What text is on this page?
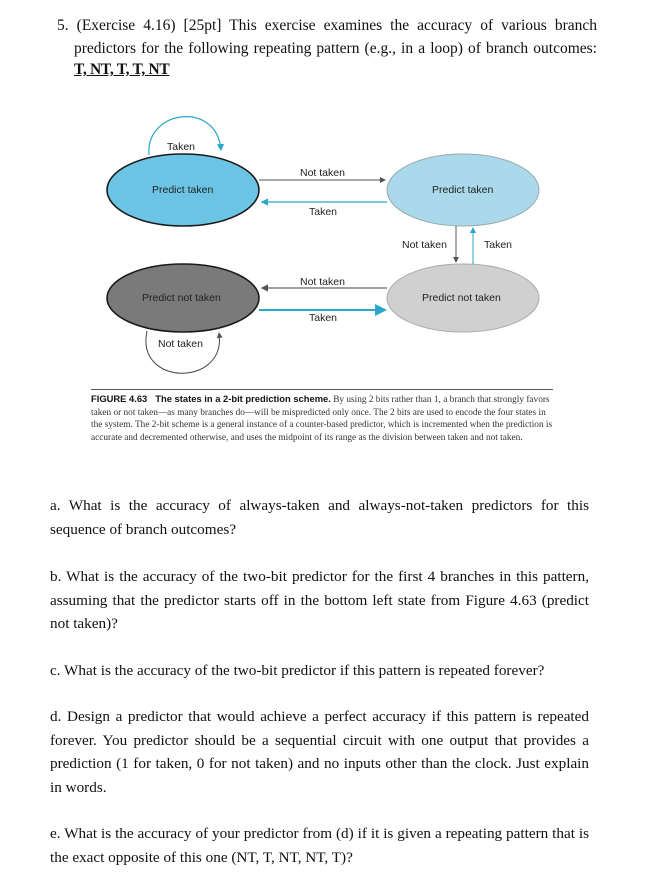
5. (Exercise 4.16) [25pt] This exercise examines the accuracy of various branch
predictors for the following repeating pattern (e.g., in a loop) of branch outcomes:
T, NT, T, T, NT
Taken
Predict taken	Predict taken
Predict not taken	Predict not taken
Not taken
Taken
Not taken	Taken
Not taken
Taken
Not taken
FIGURE 4.63 The states in a 2-bit prediction scheme. By using 2 bits rather than 1, a branch that strongly favors taken or not taken—as many branches do—will be mispredicted only once. The 2 bits are used to encode the four states in the system. The 2-bit scheme is a general instance of a counter-based predictor, which is incremented when the prediction is accurate and decremented otherwise, and uses the midpoint of its range as the division between taken and not taken.
a. What is the accuracy of always-taken and always-not-taken predictors for this sequence of branch outcomes?
b. What is the accuracy of the two-bit predictor for the first 4 branches in this pattern, assuming that the predictor starts off in the bottom left state from Figure 4.63 (predict not taken)?
c. What is the accuracy of the two-bit predictor if this pattern is repeated forever?
d. Design a predictor that would achieve a perfect accuracy if this pattern is repeated forever. You predictor should be a sequential circuit with one output that provides a prediction (1 for taken, 0 for not taken) and no inputs other than the clock. Just explain in words.
e. What is the accuracy of your predictor from (d) if it is given a repeating pattern that is the exact opposite of this one (NT, T, NT, NT, T)?
